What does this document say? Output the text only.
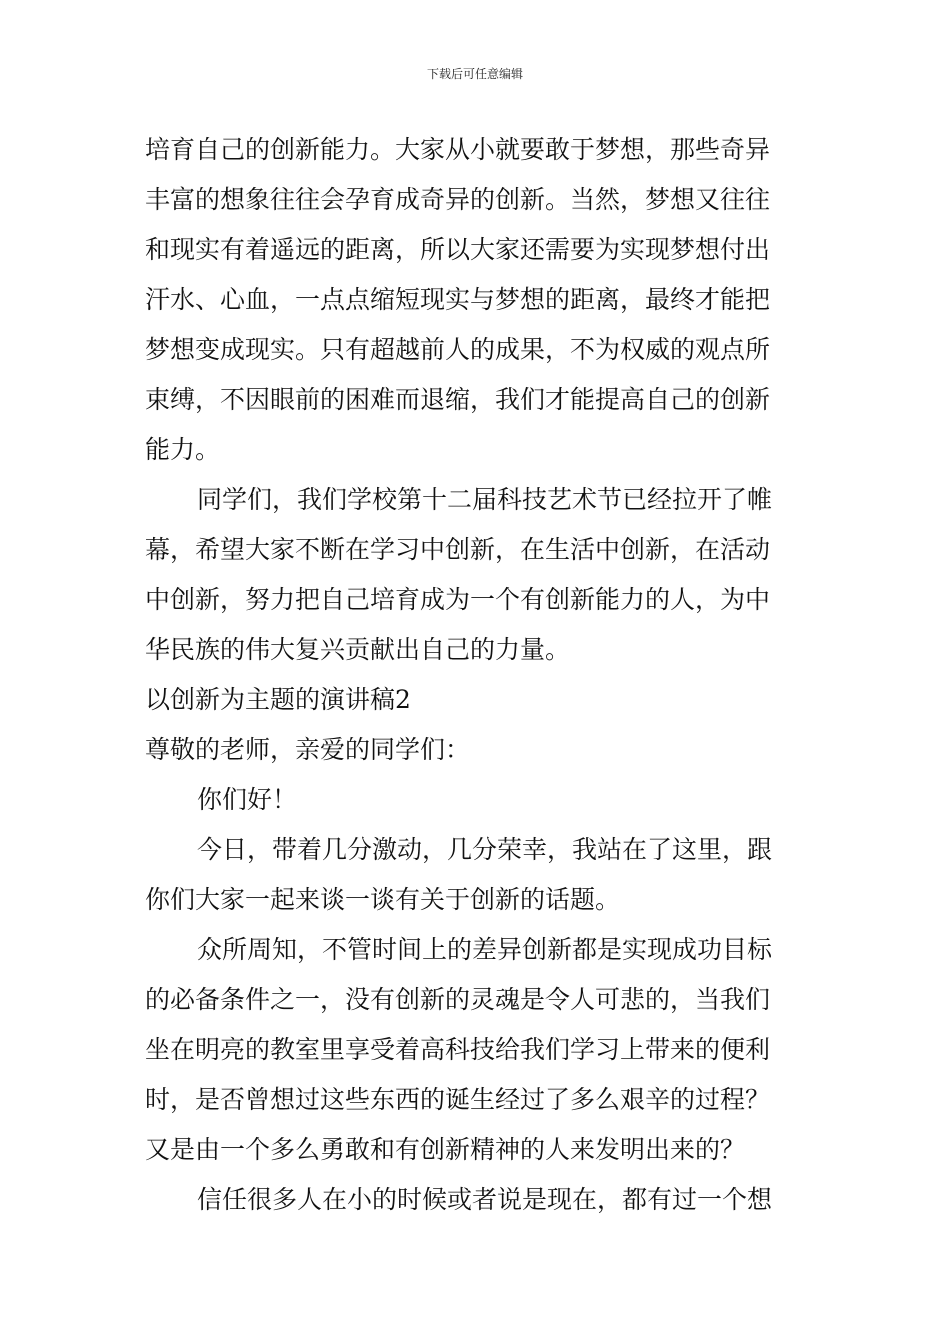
下载后可任意编辑
培育自己的创新能力。大家从小就要敢于梦想，那些奇异
丰富的想象往往会孕育成奇异的创新。当然，梦想又往往
和现实有着遥远的距离，所以大家还需要为实现梦想付出
汗水、心血，一点点缩短现实与梦想的距离，最终才能把
梦想变成现实。只有超越前人的成果，不为权威的观点所
束缚，不因眼前的困难而退缩，我们才能提高自己的创新
能力。
同学们，我们学校第十二届科技艺术节已经拉开了帷
幕，希望大家不断在学习中创新，在生活中创新，在活动
中创新，努力把自己培育成为一个有创新能力的人，为中
华民族的伟大复兴贡献出自己的力量。
以创新为主题的演讲稿2
尊敬的老师，亲爱的同学们：
你们好！
今日，带着几分激动，几分荣幸，我站在了这里，跟
你们大家一起来谈一谈有关于创新的话题。
众所周知，不管时间上的差异创新都是实现成功目标
的必备条件之一，没有创新的灵魂是令人可悲的，当我们
坐在明亮的教室里享受着高科技给我们学习上带来的便利
时，是否曾想过这些东西的诞生经过了多么艰辛的过程？
又是由一个多么勇敢和有创新精神的人来发明出来的？
信任很多人在小的时候或者说是现在，都有过一个想
